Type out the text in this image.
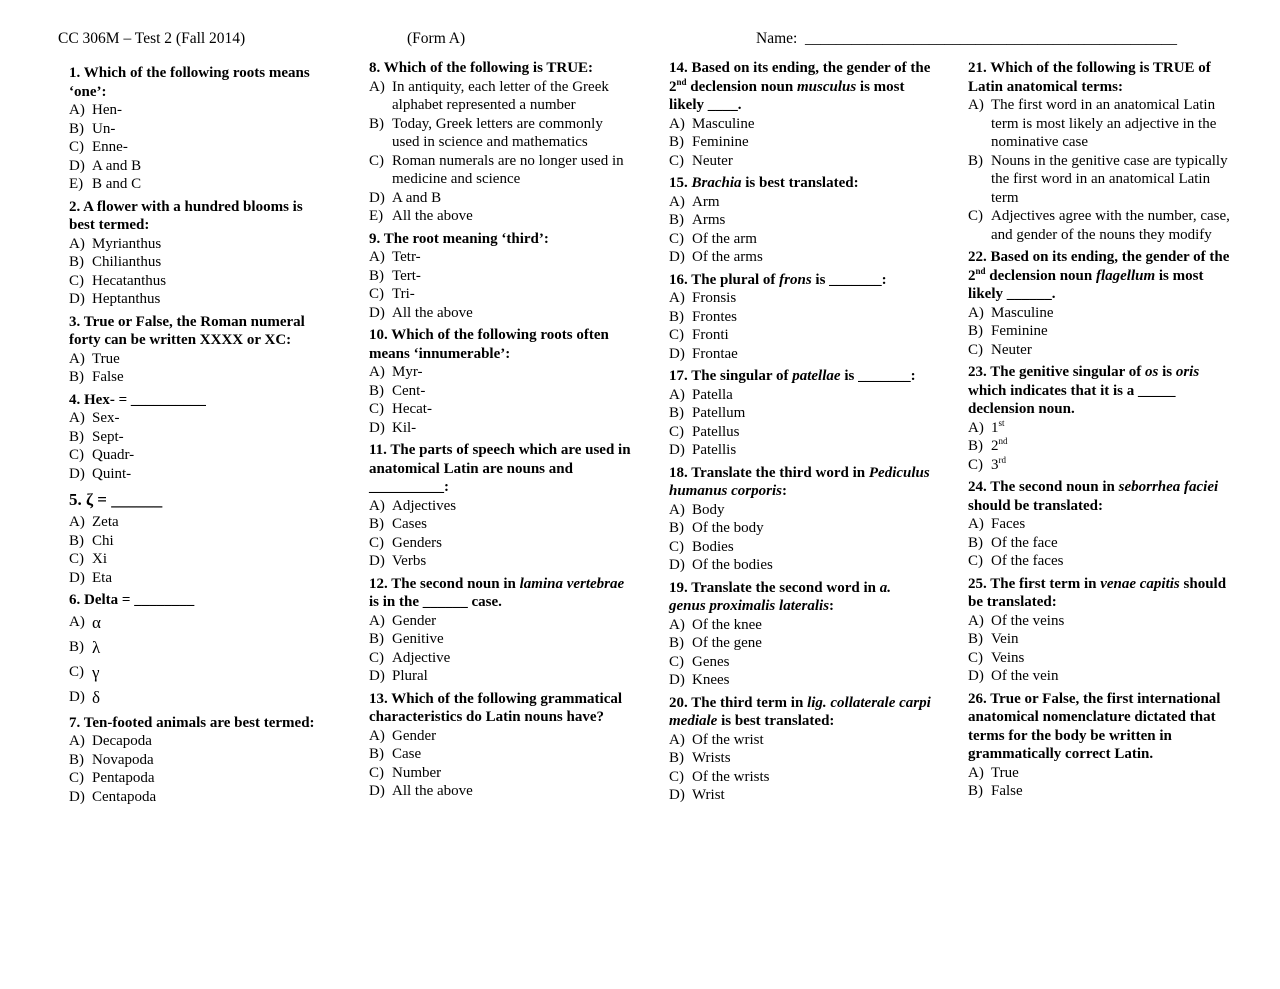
CC 306M – Test 2 (Fall 2014)	(Form A)	Name: ________________________________________________
1. Which of the following roots means ‘one’:
A) Hen-
B) Un-
C) Enne-
D) A and B
E) B and C
2. A flower with a hundred blooms is best termed:
A) Myrianthus
B) Chilianthus
C) Hecatanthus
D) Heptanthus
3. True or False, the Roman numeral forty can be written XXXX or XC:
A) True
B) False
4. Hex- = __________
A) Sex-
B) Sept-
C) Quadr-
D) Quint-
5. ζ = ______
A) Zeta
B) Chi
C) Xi
D) Eta
6. Delta = ________
A) α
B) λ
C) γ
D) δ
7. Ten-footed animals are best termed:
A) Decapoda
B) Novapoda
C) Pentapoda
D) Centapoda
8. Which of the following is TRUE:
A) In antiquity, each letter of the Greek alphabet represented a number
B) Today, Greek letters are commonly used in science and mathematics
C) Roman numerals are no longer used in medicine and science
D) A and B
E) All the above
9. The root meaning ‘third’:
A) Tetr-
B) Tert-
C) Tri-
D) All the above
10. Which of the following roots often means ‘innumerable’:
A) Myr-
B) Cent-
C) Hecat-
D) Kil-
11. The parts of speech which are used in anatomical Latin are nouns and __________:
A) Adjectives
B) Cases
C) Genders
D) Verbs
12. The second noun in lamina vertebrae is in the ______ case.
A) Gender
B) Genitive
C) Adjective
D) Plural
13. Which of the following grammatical characteristics do Latin nouns have?
A) Gender
B) Case
C) Number
D) All the above
14. Based on its ending, the gender of the 2nd declension noun musculus is most likely ____.
A) Masculine
B) Feminine
C) Neuter
15. Brachia is best translated:
A) Arm
B) Arms
C) Of the arm
D) Of the arms
16. The plural of frons is _______:
A) Fronsis
B) Frontes
C) Fronti
D) Frontae
17. The singular of patellae is _______:
A) Patella
B) Patellum
C) Patellus
D) Patellis
18. Translate the third word in Pediculus humanus corporis:
A) Body
B) Of the body
C) Bodies
D) Of the bodies
19. Translate the second word in a. genus proximalis lateralis:
A) Of the knee
B) Of the gene
C) Genes
D) Knees
20. The third term in lig. collaterale carpi mediale is best translated:
A) Of the wrist
B) Wrists
C) Of the wrists
D) Wrist
21. Which of the following is TRUE of Latin anatomical terms:
A) The first word in an anatomical Latin term is most likely an adjective in the nominative case
B) Nouns in the genitive case are typically the first word in an anatomical Latin term
C) Adjectives agree with the number, case, and gender of the nouns they modify
22. Based on its ending, the gender of the 2nd declension noun flagellum is most likely ______.
A) Masculine
B) Feminine
C) Neuter
23. The genitive singular of os is oris which indicates that it is a _____ declension noun.
A) 1st
B) 2nd
C) 3rd
24. The second noun in seborrhea faciei should be translated:
A) Faces
B) Of the face
C) Of the faces
25. The first term in venae capitis should be translated:
A) Of the veins
B) Vein
C) Veins
D) Of the vein
26. True or False, the first international anatomical nomenclature dictated that terms for the body be written in grammatically correct Latin.
A) True
B) False
